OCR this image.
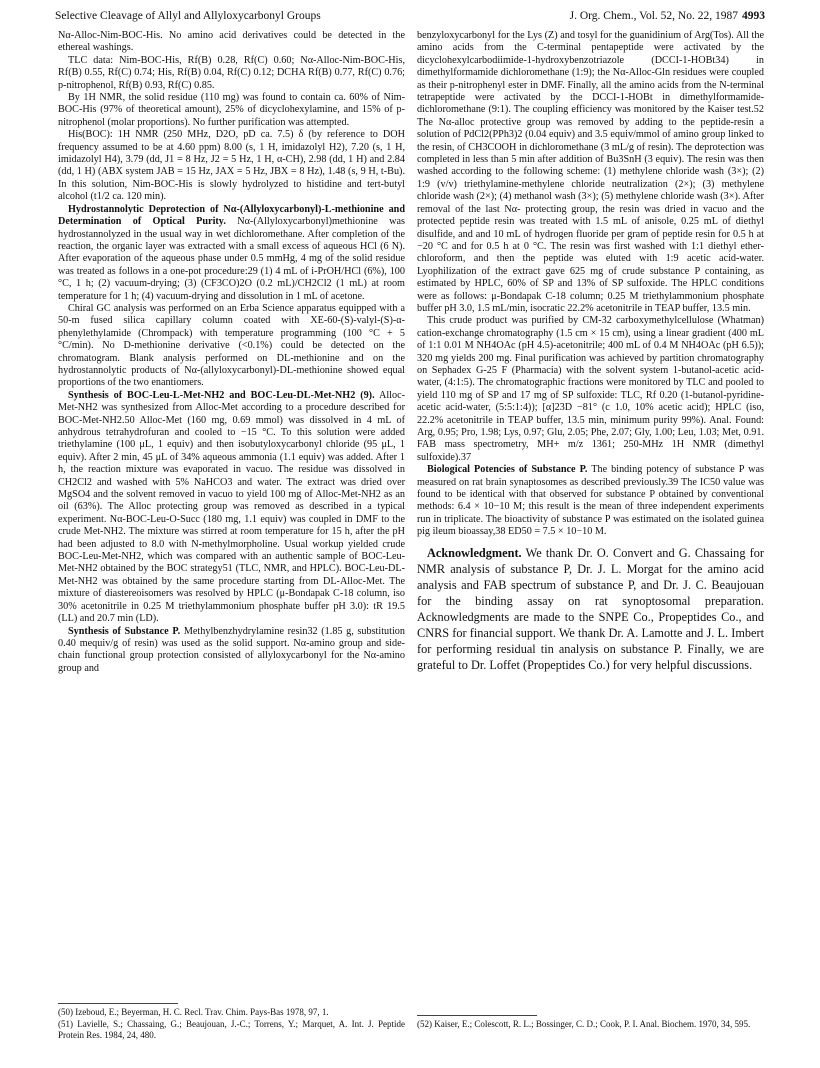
Selective Cleavage of Allyl and Allyloxycarbonyl Groups	J. Org. Chem., Vol. 52, No. 22, 1987 4993

Nα-Alloc-Nim-BOC-His. No amino acid derivatives could be detected in the ethereal washings.

TLC data: Nim-BOC-His, Rf(B) 0.28, Rf(C) 0.60; Nα-Alloc-Nim-BOC-His, Rf(B) 0.55, Rf(C) 0.74; His, Rf(B) 0.04, Rf(C) 0.12; DCHA Rf(B) 0.77, Rf(C) 0.76; p-nitrophenol, Rf(B) 0.93, Rf(C) 0.85.

By 1H NMR, the solid residue (110 mg) was found to contain ca. 60% of Nim-BOC-His (97% of theoretical amount), 25% of dicyclohexylamine, and 15% of p-nitrophenol (molar proportions). No further purification was attempted.

His(BOC): 1H NMR (250 MHz, D2O, pD ca. 7.5) δ (by reference to DOH frequency assumed to be at 4.60 ppm) 8.00 (s, 1 H, imidazolyl H2), 7.20 (s, 1 H, imidazolyl H4), 3.79 (dd, J1 = 8 Hz, J2 = 5 Hz, 1 H, α-CH), 2.98 (dd, 1 H) and 2.84 (dd, 1 H) (ABX system JAB = 15 Hz, JAX = 5 Hz, JBX = 8 Hz), 1.48 (s, 9 H, t-Bu). In this solution, Nim-BOC-His is slowly hydrolyzed to histidine and tert-butyl alcohol (t1/2 ca. 120 min).

Hydrostannolytic Deprotection of Nα-(Allyloxycarbonyl)-L-methionine and Determination of Optical Purity. Nα-(Allyloxycarbonyl)methionine was hydrostannolyzed in the usual way in wet dichloromethane. After completion of the reaction, the organic layer was extracted with a small excess of aqueous HCl (6 N). After evaporation of the aqueous phase under 0.5 mmHg, 4 mg of the solid residue was treated as follows in a one-pot procedure:29 (1) 4 mL of i-PrOH/HCl (6%), 100 °C, 1 h; (2) vacuum-drying; (3) (CF3CO)2O (0.2 mL)/CH2Cl2 (1 mL) at room temperature for 1 h; (4) vacuum-drying and dissolution in 1 mL of acetone.

Chiral GC analysis was performed on an Erba Science apparatus equipped with a 50-m fused silica capillary column coated with XE-60-(S)-valyl-(S)-α-phenylethylamide (Chrompack) with temperature programming (100 °C + 5 °C/min). No D-methionine derivative (<0.1%) could be detected on the chromatogram. Blank analysis performed on DL-methionine and on the hydrostannolytic products of Nα-(allyloxycarbonyl)-DL-methionine showed equal proportions of the two enantiomers.

Synthesis of BOC-Leu-L-Met-NH2 and BOC-Leu-DL-Met-NH2 (9). Alloc-Met-NH2 was synthesized from Alloc-Met according to a procedure described for BOC-Met-NH2.50 Alloc-Met (160 mg, 0.69 mmol) was dissolved in 4 mL of anhydrous tetrahydrofuran and cooled to −15 °C. To this solution were added triethylamine (100 μL, 1 equiv) and then isobutyloxycarbonyl chloride (95 μL, 1 equiv). After 2 min, 45 μL of 34% aqueous ammonia (1.1 equiv) was added. After 1 h, the reaction mixture was evaporated in vacuo. The residue was dissolved in CH2Cl2 and washed with 5% NaHCO3 and water. The extract was dried over MgSO4 and the solvent removed in vacuo to yield 100 mg of Alloc-Met-NH2 as an oil (63%). The Alloc protecting group was removed as described in a typical experiment. Nα-BOC-Leu-O-Succ (180 mg, 1.1 equiv) was coupled in DMF to the crude Met-NH2. The mixture was stirred at room temperature for 15 h, after the pH had been adjusted to 8.0 with N-methylmorpholine. Usual workup yielded crude BOC-Leu-Met-NH2, which was compared with an authentic sample of BOC-Leu-Met-NH2 obtained by the BOC strategy51 (TLC, NMR, and HPLC). BOC-Leu-DL-Met-NH2 was obtained by the same procedure starting from DL-Alloc-Met. The mixture of diastereoisomers was resolved by HPLC (μ-Bondapak C-18 column, iso 30% acetonitrile in 0.25 M triethylammonium phosphate buffer pH 3.0): tR 19.5 (LL) and 20.7 min (LD).

Synthesis of Substance P. Methylbenzhydrylamine resin32 (1.85 g, substitution 0.40 mequiv/g of resin) was used as the solid support. Nα-amino group and side-chain functional group protection consisted of allyloxycarbonyl for the Nα-amino group and

benzyloxycarbonyl for the Lys (Z) and tosyl for the guanidinium of Arg(Tos). All the amino acids from the C-terminal pentapeptide were activated by the dicyclohexylcarbodiimide-1-hydroxybenzotriazole (DCCI-1-HOBt34) in dimethylformamide dichloromethane (1:9); the Nα-Alloc-Gln residues were coupled as their p-nitrophenyl ester in DMF. Finally, all the amino acids from the N-terminal tetrapeptide were activated by the DCCI-1-HOBt in dimethylformamide-dichloromethane (9:1). The coupling efficiency was monitored by the Kaiser test.52 The Nα-alloc protective group was removed by adding to the peptide-resin a solution of PdCl2(PPh3)2 (0.04 equiv) and 3.5 equiv/mmol of amino group linked to the resin, of CH3COOH in dichloromethane (3 mL/g of resin). The deprotection was completed in less than 5 min after addition of Bu3SnH (3 equiv). The resin was then washed according to the following scheme: (1) methylene chloride wash (3×); (2) 1:9 (v/v) triethylamine-methylene chloride neutralization (2×); (3) methylene chloride wash (2×); (4) methanol wash (3×); (5) methylene chloride wash (3×). After removal of the last Nα- protecting group, the resin was dried in vacuo and the protected peptide resin was treated with 1.5 mL of anisole, 0.25 mL of diethyl disulfide, and and 10 mL of hydrogen fluoride per gram of peptide resin for 0.5 h at −20 °C and for 0.5 h at 0 °C. The resin was first washed with 1:1 diethyl ether-chloroform, and then the peptide was eluted with 1:9 acetic acid-water. Lyophilization of the extract gave 625 mg of crude substance P containing, as estimated by HPLC, 60% of SP and 13% of SP sulfoxide. The HPLC conditions were as follows: μ-Bondapak C-18 column; 0.25 M triethylammonium phosphate buffer pH 3.0, 1.5 mL/min, isocratic 22.2% acetonitrile in TEAP buffer, 13.5 min.

This crude product was purified by CM-32 carboxymethylcellulose (Whatman) cation-exchange chromatography (1.5 cm × 15 cm), using a linear gradient (400 mL of 1:1 0.01 M NH4OAc (pH 4.5)-acetonitrile; 400 mL of 0.4 M NH4OAc (pH 6.5)); 320 mg yields 200 mg. Final purification was achieved by partition chromatography on Sephadex G-25 F (Pharmacia) with the solvent system 1-butanol-acetic acid-water, (4:1:5). The chromatographic fractions were monitored by TLC and pooled to yield 110 mg of SP and 17 mg of SP sulfoxide: TLC, Rf 0.20 (1-butanol-pyridine-acetic acid-water, (5:5:1:4)); [α]23D −81° (c 1.0, 10% acetic acid); HPLC (iso, 22.2% acetonitrile in TEAP buffer, 13.5 min, minimum purity 99%). Anal. Found: Arg, 0.95; Pro, 1.98; Lys, 0.97; Glu, 2.05; Phe, 2.07; Gly, 1.00; Leu, 1.03; Met, 0.91. FAB mass spectrometry, MH+ m/z 1361; 250-MHz 1H NMR (dimethyl sulfoxide).37

Biological Potencies of Substance P. The binding potency of substance P was measured on rat brain synaptosomes as described previously.39 The IC50 value was found to be identical with that observed for substance P obtained by conventional methods: 6.4 × 10−10 M; this result is the mean of three independent experiments run in triplicate. The bioactivity of substance P was estimated on the isolated guinea pig ileum bioassay,38 ED50 = 7.5 × 10−10 M.

Acknowledgment. We thank Dr. O. Convert and G. Chassaing for NMR analysis of substance P, Dr. J. L. Morgat for the amino acid analysis and FAB spectrum of substance P, and Dr. J. C. Beaujouan for the binding assay on rat synoptosomal preparation. Acknowledgments are made to the SNPE Co., Propeptides Co., and CNRS for financial support. We thank Dr. A. Lamotte and J. L. Imbert for performing residual tin analysis on substance P. Finally, we are grateful to Dr. Loffet (Propeptides Co.) for very helpful discussions.

(50) Izeboud, E.; Beyerman, H. C. Recl. Trav. Chim. Pays-Bas 1978, 97, 1.

(51) Lavielle, S.; Chassaing, G.; Beaujouan, J.-C.; Torrens, Y.; Marquet, A. Int. J. Peptide Protein Res. 1984, 24, 480.

(52) Kaiser, E.; Colescott, R. L.; Bossinger, C. D.; Cook, P. I. Anal. Biochem. 1970, 34, 595.
